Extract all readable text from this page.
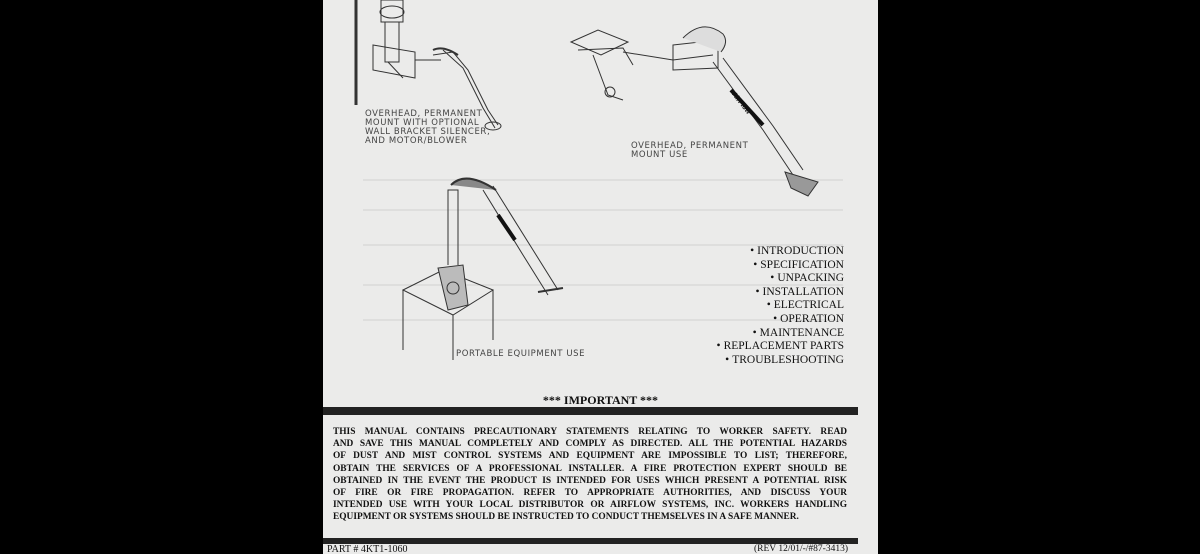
OVERHEAD, PERMANENT
MOUNT WITH OPTIONAL
WALL BRACKET SILENCER,
AND MOTOR/BLOWER	OVERHEAD, PERMANENT
MOUNT USE
PORTABLE EQUIPMENT USE
AirFlow
• INTRODUCTION
• SPECIFICATION
• UNPACKING
• INSTALLATION
• ELECTRICAL
• OPERATION
• MAINTENANCE
• REPLACEMENT PARTS
• TROUBLESHOOTING
*** IMPORTANT ***
THIS MANUAL CONTAINS PRECAUTIONARY STATEMENTS RELATING TO WORKER SAFETY. READ
AND SAVE THIS MANUAL COMPLETELY AND COMPLY AS DIRECTED. ALL THE POTENTIAL HAZARDS
OF DUST AND MIST CONTROL SYSTEMS AND EQUIPMENT ARE IMPOSSIBLE TO LIST; THEREFORE,
OBTAIN THE SERVICES OF A PROFESSIONAL INSTALLER. A FIRE PROTECTION EXPERT SHOULD BE
OBTAINED IN THE EVENT THE PRODUCT IS INTENDED FOR USES WHICH PRESENT A POTENTIAL RISK
OF FIRE OR FIRE PROPAGATION. REFER TO APPROPRIATE AUTHORITIES, AND DISCUSS YOUR
INTENDED USE WITH YOUR LOCAL DISTRIBUTOR OR AIRFLOW SYSTEMS, INC. WORKERS HANDLING
EQUIPMENT OR SYSTEMS SHOULD BE INSTRUCTED TO CONDUCT THEMSELVES IN A SAFE MANNER.
PART # 4KT1-1060	(REV 12/01/-/#87-3413)
